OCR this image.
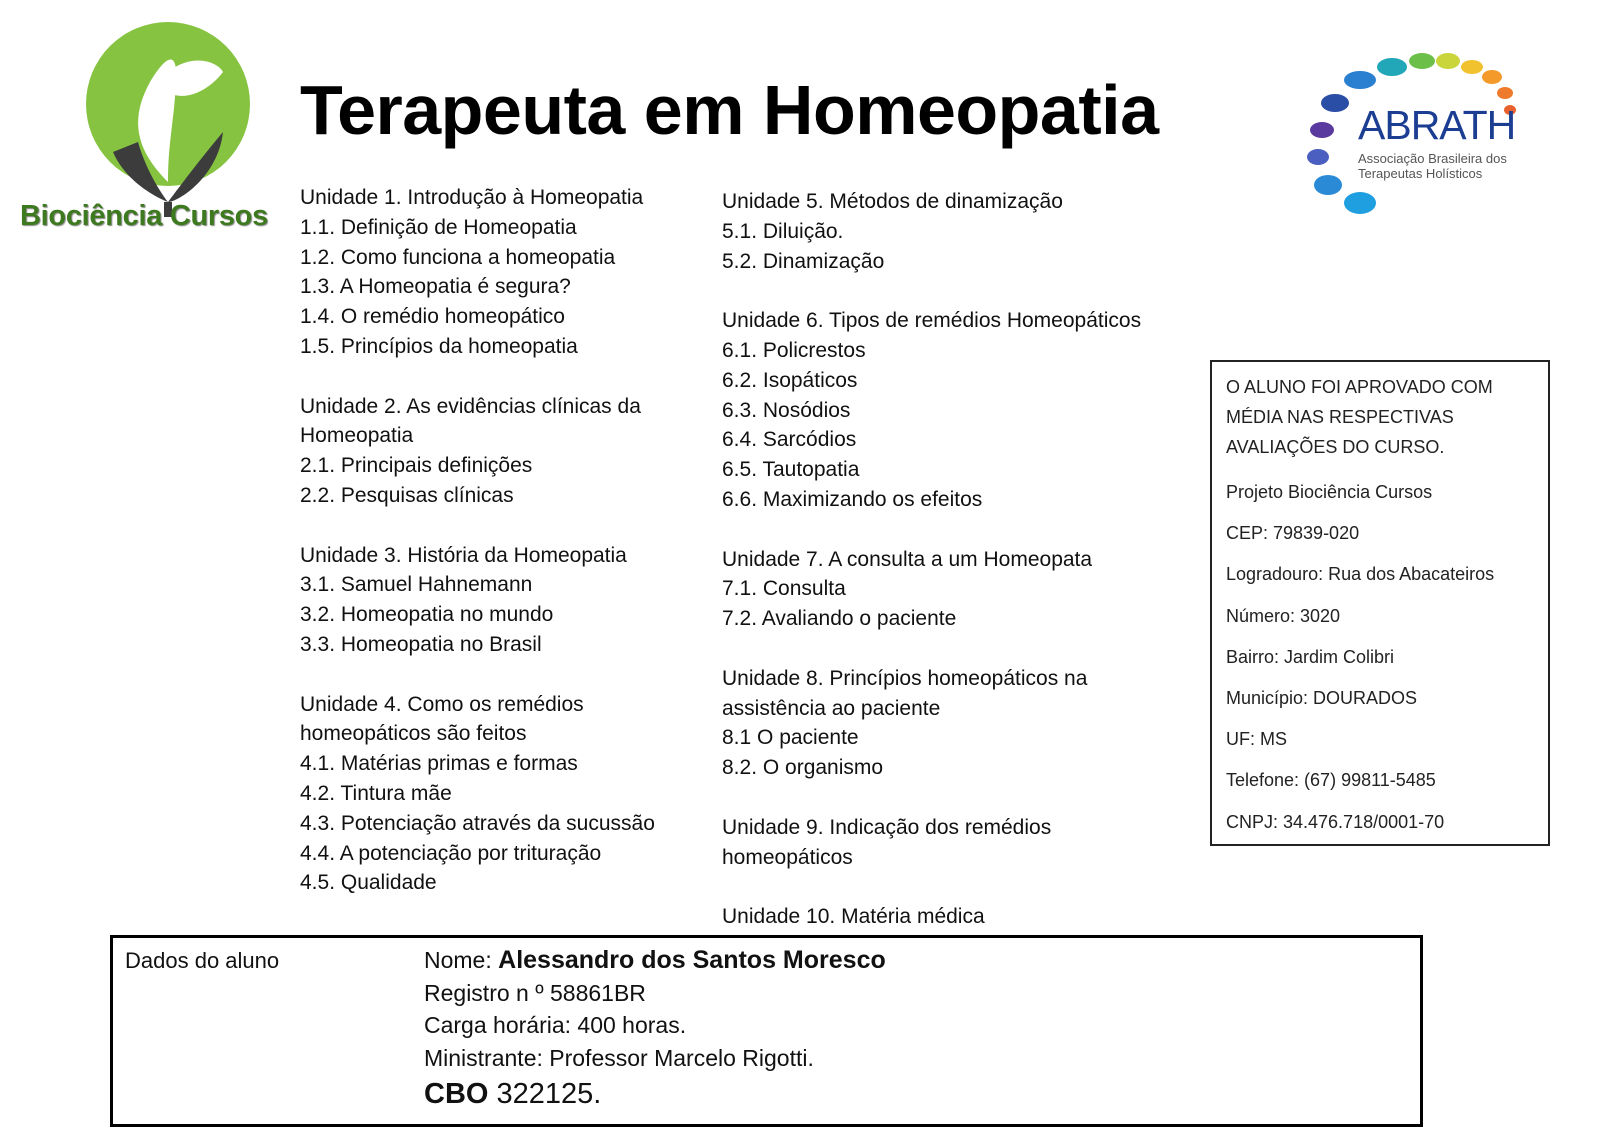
Biociência Cursos
Terapeuta em Homeopatia	ABRATH
Associação Brasileira dos
Terapeutas Holísticos
Unidade 1. Introdução à Homeopatia
1.1. Definição de Homeopatia
1.2. Como funciona a homeopatia
1.3. A Homeopatia é segura?
1.4. O remédio homeopático
1.5. Princípios da homeopatia
Unidade 2. As evidências clínicas da Homeopatia
2.1. Principais definições
2.2. Pesquisas clínicas
Unidade 3. História da Homeopatia
3.1. Samuel Hahnemann
3.2. Homeopatia no mundo
3.3. Homeopatia no Brasil
Unidade 4. Como os remédios homeopáticos são feitos
4.1. Matérias primas e formas
4.2. Tintura mãe
4.3. Potenciação através da sucussão
4.4. A potenciação por trituração
4.5. Qualidade
Unidade 5. Métodos de dinamização
5.1. Diluição.
5.2. Dinamização
Unidade 6. Tipos de remédios Homeopáticos
6.1. Policrestos
6.2. Isopáticos
6.3. Nosódios
6.4. Sarcódios
6.5. Tautopatia
6.6. Maximizando os efeitos
Unidade 7. A consulta a um Homeopata
7.1. Consulta
7.2. Avaliando o paciente
Unidade 8. Princípios homeopáticos na
assistência ao paciente
8.1 O paciente
8.2. O organismo
Unidade 9. Indicação dos remédios
homeopáticos
Unidade 10. Matéria médica
O ALUNO FOI APROVADO COM MÉDIA NAS RESPECTIVAS AVALIAÇÕES DO CURSO.
Projeto Biociência Cursos
CEP: 79839-020
Logradouro: Rua dos Abacateiros
Número: 3020
Bairro: Jardim Colibri
Município: DOURADOS
UF: MS
Telefone: (67) 99811-5485
CNPJ: 34.476.718/0001-70
Dados do aluno	Nome: Alessandro dos Santos Moresco
Registro n º 58861BR
Carga horária: 400 horas.
Ministrante: Professor Marcelo Rigotti.
CBO 322125.
